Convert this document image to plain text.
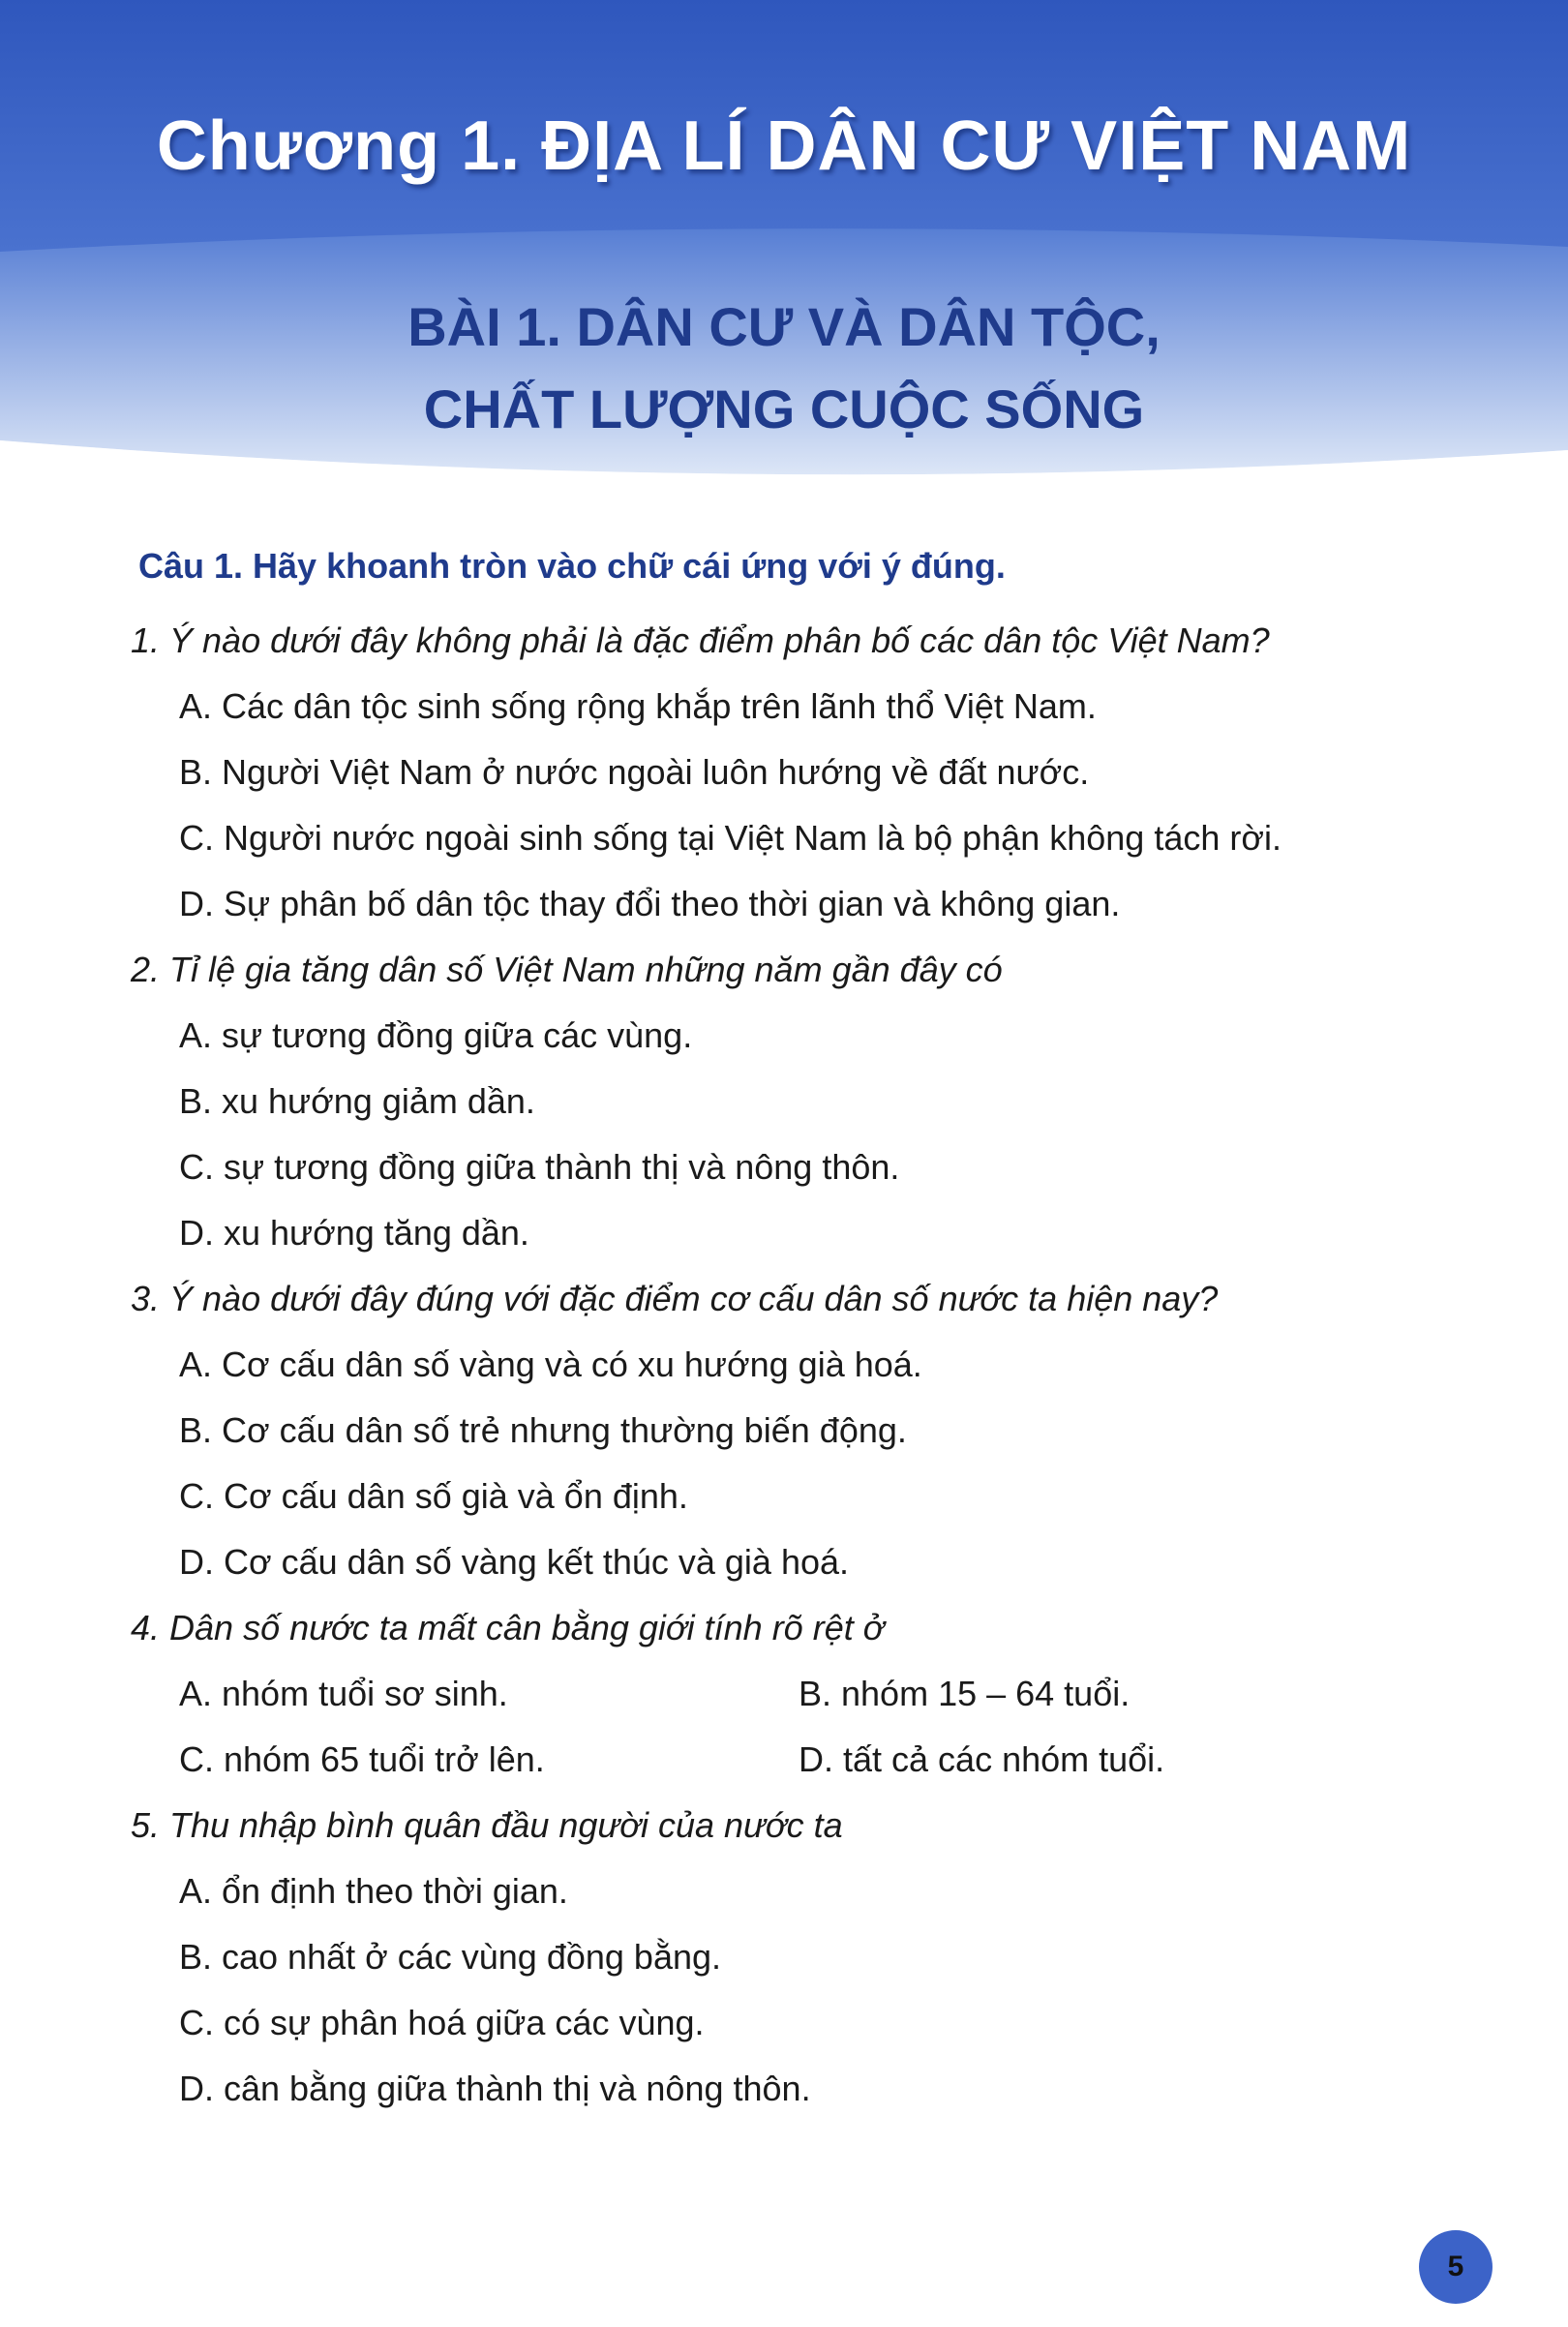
Chương 1. ĐỊA LÍ DÂN CƯ VIỆT NAM
BÀI 1. DÂN CƯ VÀ DÂN TỘC,
CHẤT LƯỢNG CUỘC SỐNG

Câu 1. Hãy khoanh tròn vào chữ cái ứng với ý đúng.

1. Ý nào dưới đây không phải là đặc điểm phân bố các dân tộc Việt Nam?

A. Các dân tộc sinh sống rộng khắp trên lãnh thổ Việt Nam.

B. Người Việt Nam ở nước ngoài luôn hướng về đất nước.

C. Người nước ngoài sinh sống tại Việt Nam là bộ phận không tách rời.

D. Sự phân bố dân tộc thay đổi theo thời gian và không gian.

2. Tỉ lệ gia tăng dân số Việt Nam những năm gần đây có

A. sự tương đồng giữa các vùng.

B. xu hướng giảm dần.

C. sự tương đồng giữa thành thị và nông thôn.

D. xu hướng tăng dần.

3. Ý nào dưới đây đúng với đặc điểm cơ cấu dân số nước ta hiện nay?

A. Cơ cấu dân số vàng và có xu hướng già hoá.

B. Cơ cấu dân số trẻ nhưng thường biến động.

C. Cơ cấu dân số già và ổn định.

D. Cơ cấu dân số vàng kết thúc và già hoá.

4. Dân số nước ta mất cân bằng giới tính rõ rệt ở

A. nhóm tuổi sơ sinh.	B. nhóm 15 – 64 tuổi.
C. nhóm 65 tuổi trở lên.	D. tất cả các nhóm tuổi.

5. Thu nhập bình quân đầu người của nước ta

A. ổn định theo thời gian.

B. cao nhất ở các vùng đồng bằng.

C. có sự phân hoá giữa các vùng.

D. cân bằng giữa thành thị và nông thôn.

5
